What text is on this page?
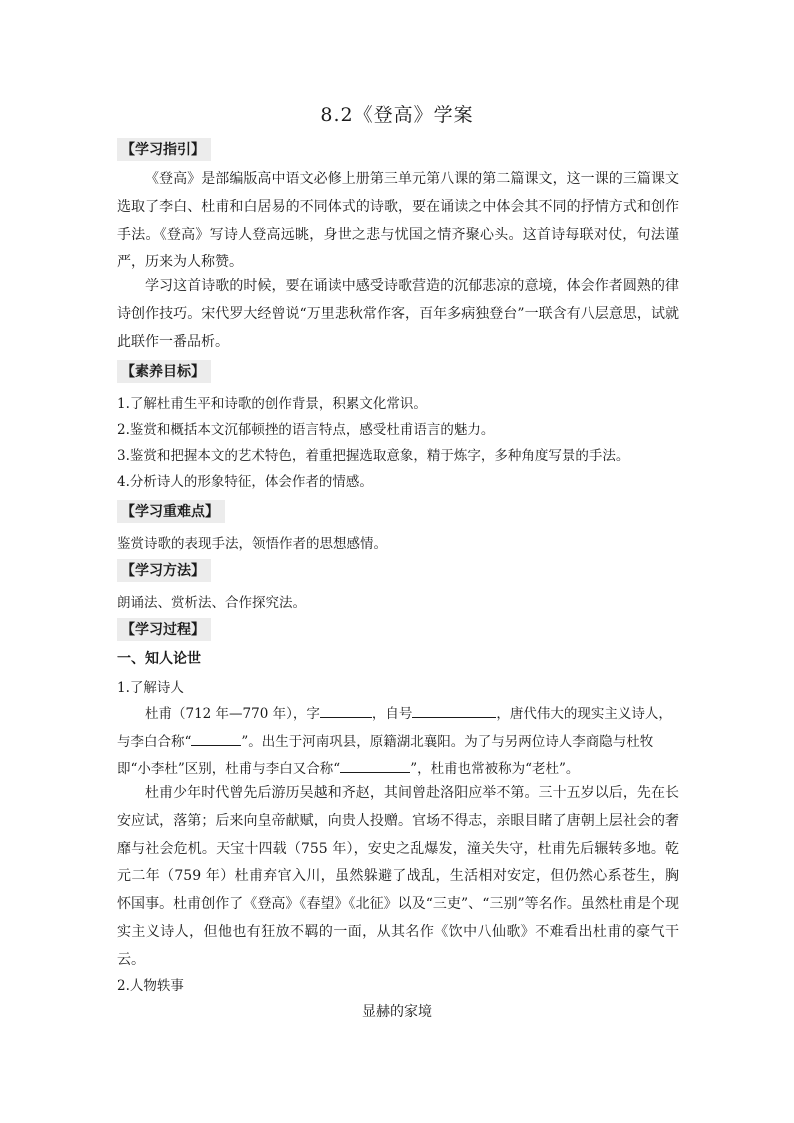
8.2《登高》学案
【学习指引】

《登高》是部编版高中语文必修上册第三单元第八课的第二篇课文，这一课的三篇课文选取了李白、杜甫和白居易的不同体式的诗歌，要在诵读之中体会其不同的抒情方式和创作手法。《登高》写诗人登高远眺，身世之悲与忧国之情齐聚心头。这首诗每联对仗，句法谨严，历来为人称赞。

学习这首诗歌的时候，要在诵读中感受诗歌营造的沉郁悲凉的意境，体会作者圆熟的律诗创作技巧。宋代罗大经曾说“万里悲秋常作客，百年多病独登台”一联含有八层意思，试就此联作一番品析。

【素养目标】

1.了解杜甫生平和诗歌的创作背景，积累文化常识。

2.鉴赏和概括本文沉郁顿挫的语言特点，感受杜甫语言的魅力。

3.鉴赏和把握本文的艺术特色，着重把握选取意象，精于炼字，多种角度写景的手法。

4.分析诗人的形象特征，体会作者的情感。

【学习重难点】

鉴赏诗歌的表现手法，领悟作者的思想感情。

【学习方法】

朗诵法、赏析法、合作探究法。

【学习过程】
一、知人论世

1.了解诗人

杜甫（712 年—770 年），字	，自号	，唐代伟大的现实主义诗人，

与李白合称“	”。出生于河南巩县，原籍湖北襄阳。为了与另两位诗人李商隐与杜牧

即“小李杜”区别，杜甫与李白又合称“	”，杜甫也常被称为“老杜”。

杜甫少年时代曾先后游历吴越和齐赵，其间曾赴洛阳应举不第。三十五岁以后，先在长安应试，落第；后来向皇帝献赋，向贵人投赠。官场不得志，亲眼目睹了唐朝上层社会的奢靡与社会危机。天宝十四载（755 年），安史之乱爆发，潼关失守，杜甫先后辗转多地。乾元二年（759 年）杜甫弃官入川，虽然躲避了战乱，生活相对安定，但仍然心系苍生，胸怀国事。杜甫创作了《登高》《春望》《北征》以及“三吏”、“三别”等名作。虽然杜甫是个现实主义诗人，但他也有狂放不羁的一面，从其名作《饮中八仙歌》不难看出杜甫的豪气干云。

2.人物轶事

显赫的家境
